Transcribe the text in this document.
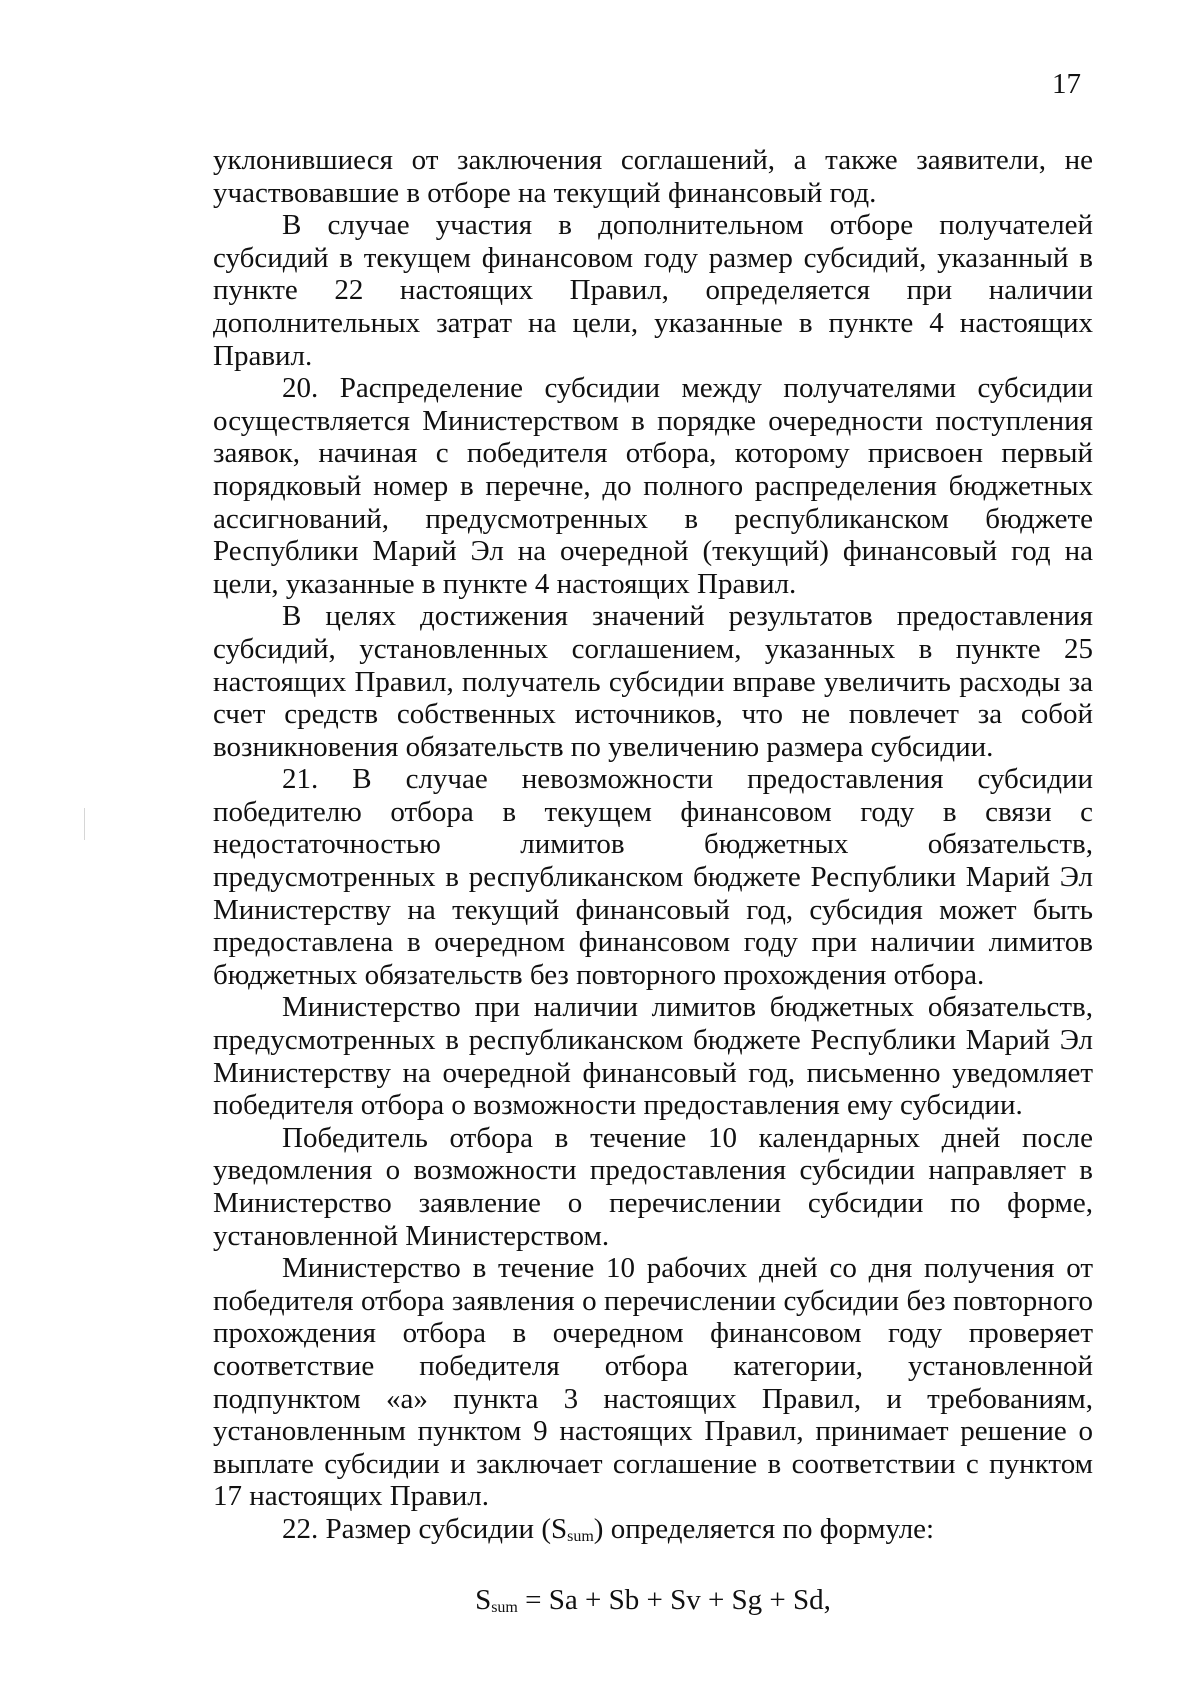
17

уклонившиеся от заключения соглашений, а также заявители, не участвовавшие в отборе на текущий финансовый год.

В случае участия в дополнительном отборе получателей субсидий в текущем финансовом году размер субсидий, указанный в пункте 22 настоящих Правил, определяется при наличии дополнительных затрат на цели, указанные в пункте 4 настоящих Правил.

20. Распределение субсидии между получателями субсидии осуществляется Министерством в порядке очередности поступления заявок, начиная с победителя отбора, которому присвоен первый порядковый номер в перечне, до полного распределения бюджетных ассигнований, предусмотренных в республиканском бюджете Республики Марий Эл на очередной (текущий) финансовый год на цели, указанные в пункте 4 настоящих Правил.

В целях достижения значений результатов предоставления субсидий, установленных соглашением, указанных в пункте 25 настоящих Правил, получатель субсидии вправе увеличить расходы за счет средств собственных источников, что не повлечет за собой возникновения обязательств по увеличению размера субсидии.

21. В случае невозможности предоставления субсидии победителю отбора в текущем финансовом году в связи с недостаточностью лимитов бюджетных обязательств, предусмотренных в республиканском бюджете Республики Марий Эл Министерству на текущий финансовый год, субсидия может быть предоставлена в очередном финансовом году при наличии лимитов бюджетных обязательств без повторного прохождения отбора.

Министерство при наличии лимитов бюджетных обязательств, предусмотренных в республиканском бюджете Республики Марий Эл Министерству на очередной финансовый год, письменно уведомляет победителя отбора о возможности предоставления ему субсидии.

Победитель отбора в течение 10 календарных дней после уведомления о возможности предоставления субсидии направляет в Министерство заявление о перечислении субсидии по форме, установленной Министерством.

Министерство в течение 10 рабочих дней со дня получения от победителя отбора заявления о перечислении субсидии без повторного прохождения отбора в очередном финансовом году проверяет соответствие победителя отбора категории, установленной подпунктом «а» пункта 3 настоящих Правил, и требованиям, установленным пунктом 9 настоящих Правил, принимает решение о выплате субсидии и заключает соглашение в соответствии с пунктом 17 настоящих Правил.

22. Размер субсидии $(S_{sum})$ определяется по формуле:

$S_{sum} = Sa + Sb + Sv + Sg + Sd$,
